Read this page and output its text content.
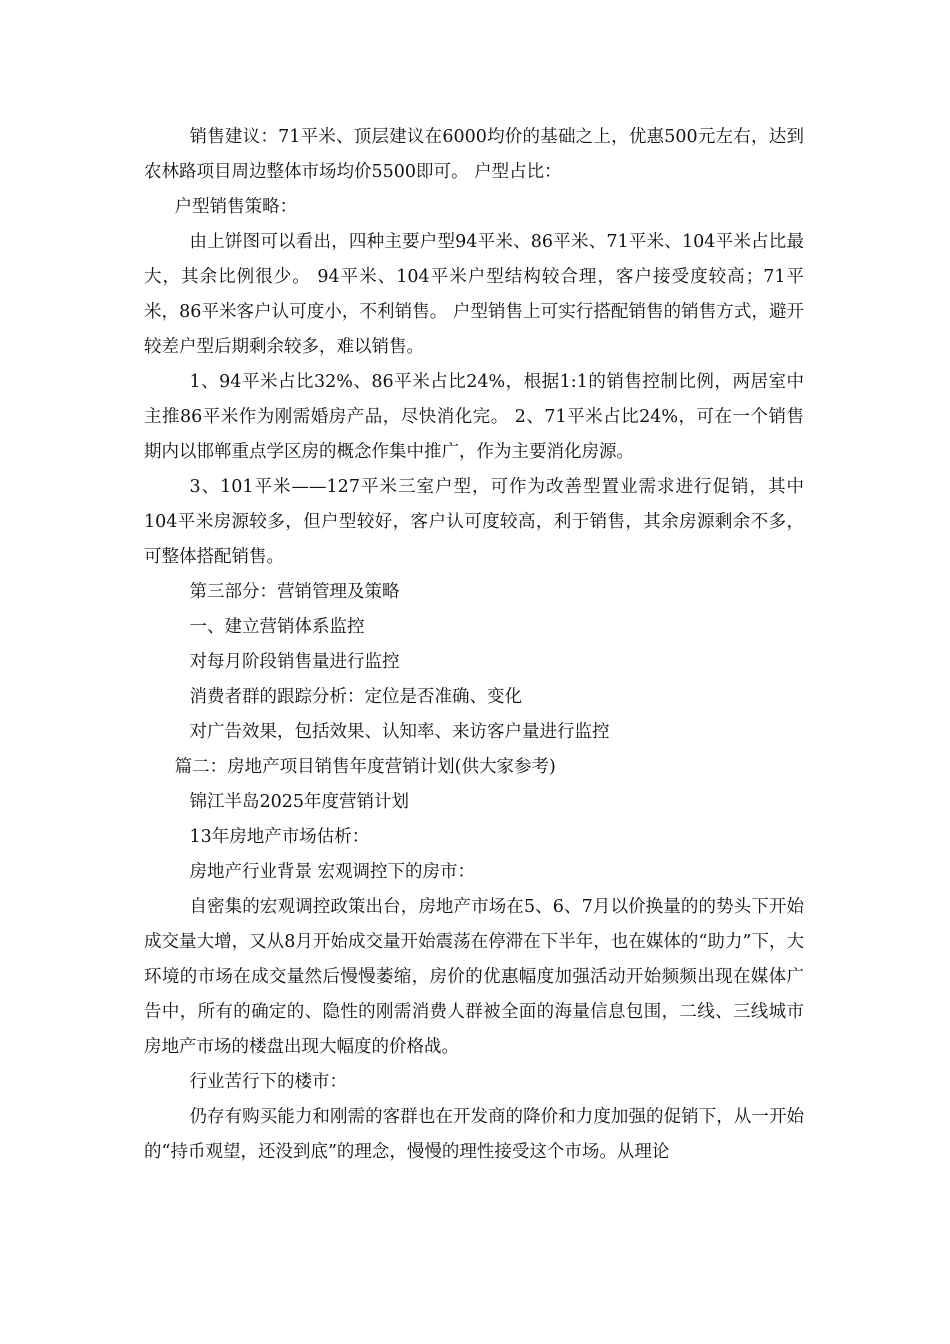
销售建议：71平米、顶层建议在6000均价的基础之上，优惠500元左右，达到农林路项目周边整体市场均价5500即可。 户型占比：

户型销售策略：

由上饼图可以看出，四种主要户型94平米、86平米、71平米、104平米占比最大，其余比例很少。 94平米、104平米户型结构较合理，客户接受度较高；71平米，86平米客户认可度小，不利销售。 户型销售上可实行搭配销售的销售方式，避开较差户型后期剩余较多，难以销售。

1、94平米占比32%、86平米占比24%，根据1:1的销售控制比例，两居室中主推86平米作为刚需婚房产品，尽快消化完。 2、71平米占比24%，可在一个销售期内以邯郸重点学区房的概念作集中推广，作为主要消化房源。

3、101平米——127平米三室户型，可作为改善型置业需求进行促销，其中104平米房源较多，但户型较好，客户认可度较高，利于销售，其余房源剩余不多，可整体搭配销售。

第三部分：营销管理及策略

一、建立营销体系监控

对每月阶段销售量进行监控

消费者群的跟踪分析：定位是否准确、变化

对广告效果，包括效果、认知率、来访客户量进行监控

篇二：房地产项目销售年度营销计划(供大家参考)

锦江半岛2025年度营销计划

13年房地产市场估析：

房地产行业背景 宏观调控下的房市：

自密集的宏观调控政策出台，房地产市场在5、6、7月以价换量的的势头下开始成交量大增，又从8月开始成交量开始震荡在停滞在下半年，也在媒体的“助力”下，大环境的市场在成交量然后慢慢萎缩，房价的优惠幅度加强活动开始频频出现在媒体广告中，所有的确定的、隐性的刚需消费人群被全面的海量信息包围，二线、三线城市房地产市场的楼盘出现大幅度的价格战。

行业苦行下的楼市：

仍存有购买能力和刚需的客群也在开发商的降价和力度加强的促销下，从一开始的“持币观望，还没到底”的理念，慢慢的理性接受这个市场。从理论
